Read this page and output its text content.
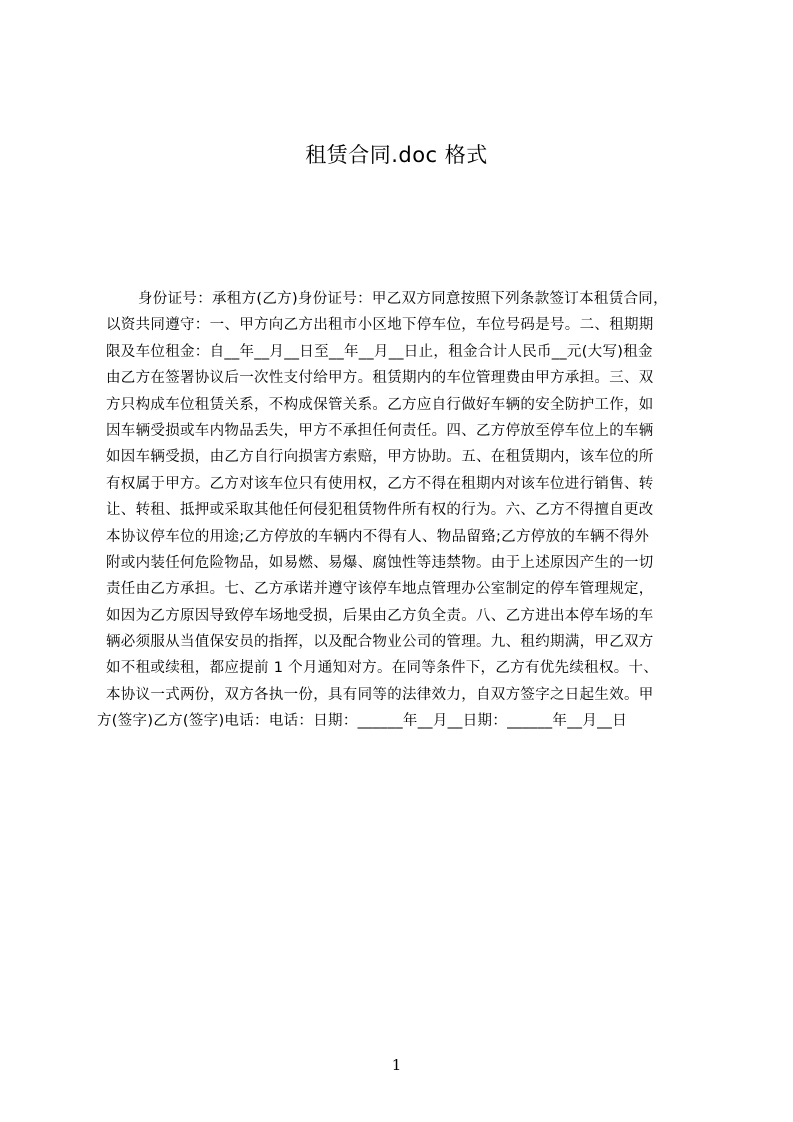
租赁合同.doc 格式
身份证号：承租方(乙方)身份证号：甲乙双方同意按照下列条款签订本租赁合同，
以资共同遵守：一、甲方向乙方出租市小区地下停车位，车位号码是号。二、租期期
限及车位租金：自__年__月__日至__年__月__日止，租金合计人民币__元(大写)租金
由乙方在签署协议后一次性支付给甲方。租赁期内的车位管理费由甲方承担。三、双
方只构成车位租赁关系，不构成保管关系。乙方应自行做好车辆的安全防护工作，如
因车辆受损或车内物品丢失，甲方不承担任何责任。四、乙方停放至停车位上的车辆
如因车辆受损，由乙方自行向损害方索赔，甲方协助。五、在租赁期内，该车位的所
有权属于甲方。乙方对该车位只有使用权，乙方不得在租期内对该车位进行销售、转
让、转租、抵押或采取其他任何侵犯租赁物件所有权的行为。六、乙方不得擅自更改
本协议停车位的用途;乙方停放的车辆内不得有人、物品留臵;乙方停放的车辆不得外
附或内装任何危险物品，如易燃、易爆、腐蚀性等违禁物。由于上述原因产生的一切
责任由乙方承担。七、乙方承诺并遵守该停车地点管理办公室制定的停车管理规定，
如因为乙方原因导致停车场地受损，后果由乙方负全责。八、乙方进出本停车场的车
辆必须服从当值保安员的指挥，以及配合物业公司的管理。九、租约期满，甲乙双方
如不租或续租，都应提前 1 个月通知对方。在同等条件下，乙方有优先续租权。十、
本协议一式两份，双方各执一份，具有同等的法律效力，自双方签字之日起生效。甲
方(签字)乙方(签字)电话：电话：日期：______年__月__日期：______年__月__日
1
